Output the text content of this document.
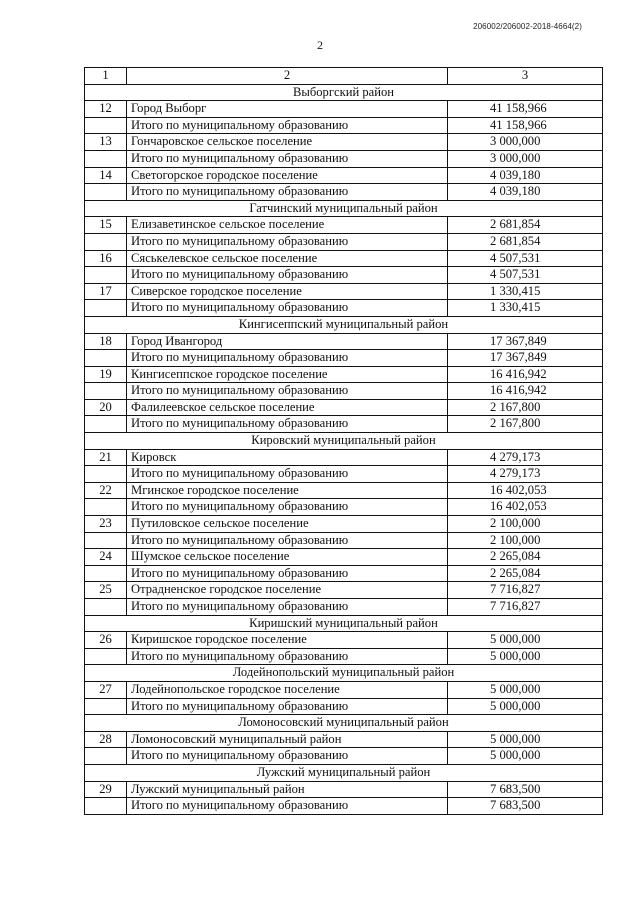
206002/206002-2018-4664(2)
2
1	2	3
Выборгский район		
12	Город Выборг	41 158,966
	Итого по муниципальному образованию	41 158,966
13	Гончаровское сельское поселение	3 000,000
	Итого по муниципальному образованию	3 000,000
14	Светогорское городское поселение	4 039,180
	Итого по муниципальному образованию	4 039,180
Гатчинский муниципальный район		
15	Елизаветинское сельское поселение	2 681,854
	Итого по муниципальному образованию	2 681,854
16	Сяськелевское сельское поселение	4 507,531
	Итого по муниципальному образованию	4 507,531
17	Сиверское городское поселение	1 330,415
	Итого по муниципальному образованию	1 330,415
Кингисеппский муниципальный район		
18	Город Ивангород	17 367,849
	Итого по муниципальному образованию	17 367,849
19	Кингисеппское городское поселение	16 416,942
	Итого по муниципальному образованию	16 416,942
20	Фалилеевское сельское поселение	2 167,800
	Итого по муниципальному образованию	2 167,800
Кировский муниципальный район		
21	Кировск	4 279,173
	Итого по муниципальному образованию	4 279,173
22	Мгинское городское поселение	16 402,053
	Итого по муниципальному образованию	16 402,053
23	Путиловское сельское поселение	2 100,000
	Итого по муниципальному образованию	2 100,000
24	Шумское сельское поселение	2 265,084
	Итого по муниципальному образованию	2 265,084
25	Отрадненское городское поселение	7 716,827
	Итого по муниципальному образованию	7 716,827
Киришский муниципальный район		
26	Киришское городское поселение	5 000,000
	Итого по муниципальному образованию	5 000,000
Лодейнопольский муниципальный район		
27	Лодейнопольское городское поселение	5 000,000
	Итого по муниципальному образованию	5 000,000
Ломоносовский муниципальный район		
28	Ломоносовский муниципальный район	5 000,000
	Итого по муниципальному образованию	5 000,000
Лужский муниципальный район		
29	Лужский муниципальный район	7 683,500
	Итого по муниципальному образованию	7 683,500
